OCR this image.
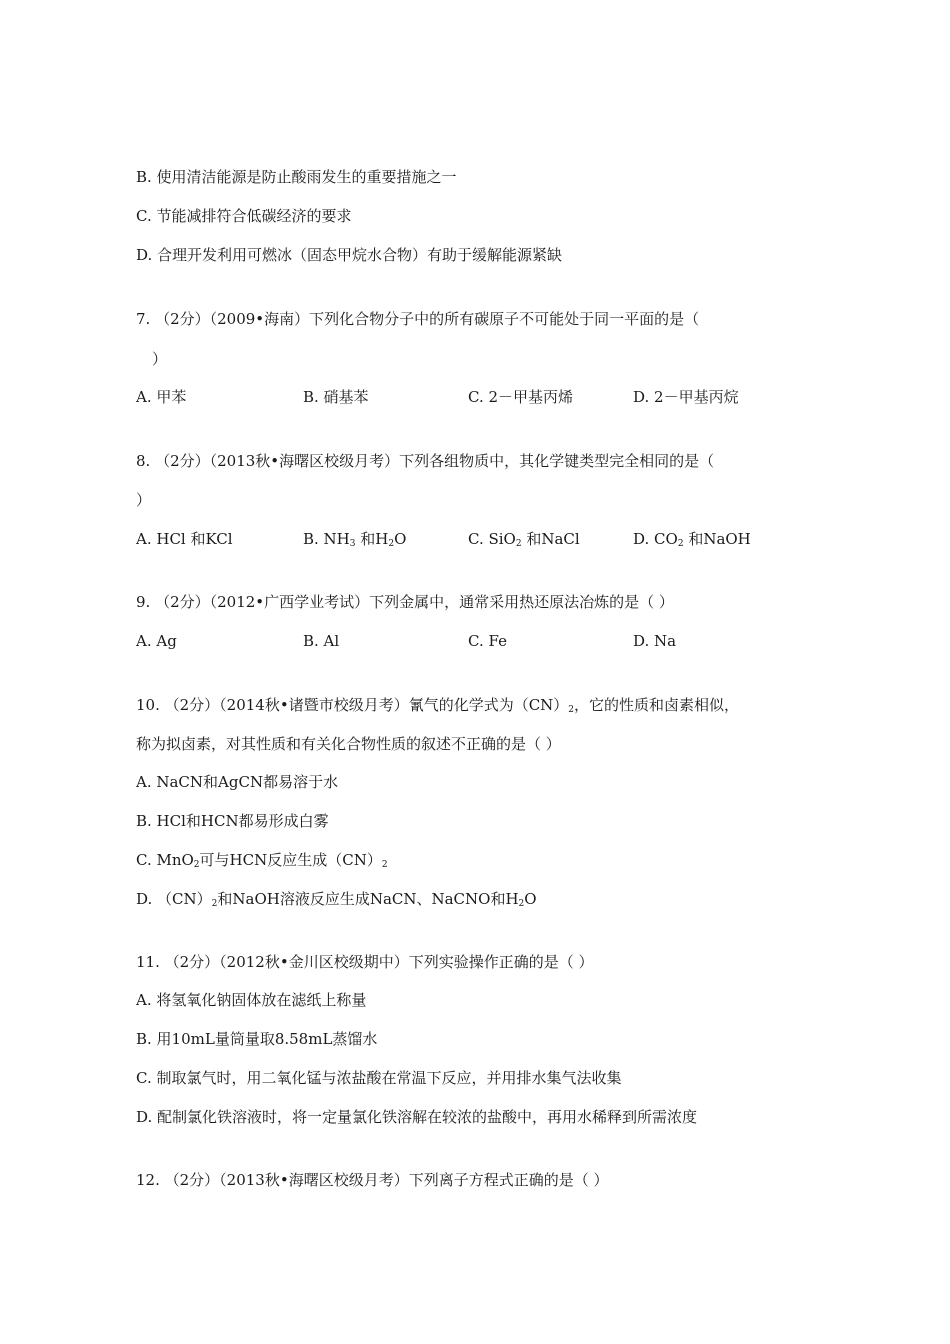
B. 使用清洁能源是防止酸雨发生的重要措施之一
C. 节能减排符合低碳经济的要求
D. 合理开发利用可燃冰（固态甲烷水合物）有助于缓解能源紧缺
7. （2分）（2009•海南）下列化合物分子中的所有碳原子不可能处于同一平面的是（
）
A. 甲苯	B. 硝基苯	C. 2－甲基丙烯	D. 2－甲基丙烷
8. （2分）（2013秋•海曙区校级月考）下列各组物质中，其化学键类型完全相同的是（
）
A. HCl 和KCl	B. $NH_3$ 和$H_2O$	C. SiO$_2$ 和NaCl	D. $CO_2$ 和NaOH
9. （2分）（2012•广西学业考试）下列金属中，通常采用热还原法冶炼的是（ ）
A. Ag	B. Al	C. Fe	D. Na
10. （2分）（2014秋•诸暨市校级月考）氰气的化学式为$(CN)_2$，它的性质和卤素相似，
称为拟卤素，对其性质和有关化合物性质的叙述不正确的是（ ）
A. NaCN和AgCN都易溶于水
B. HCl和HCN都易形成白雾
C. MnO$_2$可与HCN反应生成$(CN)_2$
D. $(CN)_2$和NaOH溶液反应生成NaCN、NaCNO和$H_2O$
11. （2分）（2012秋•金川区校级期中）下列实验操作正确的是（ ）
A. 将氢氧化钠固体放在滤纸上称量
B. 用10mL量筒量取8.58mL蒸馏水
C. 制取氯气时，用二氧化锰与浓盐酸在常温下反应，并用排水集气法收集
D. 配制氯化铁溶液时，将一定量氯化铁溶解在较浓的盐酸中，再用水稀释到所需浓度
12. （2分）（2013秋•海曙区校级月考）下列离子方程式正确的是（ ）
